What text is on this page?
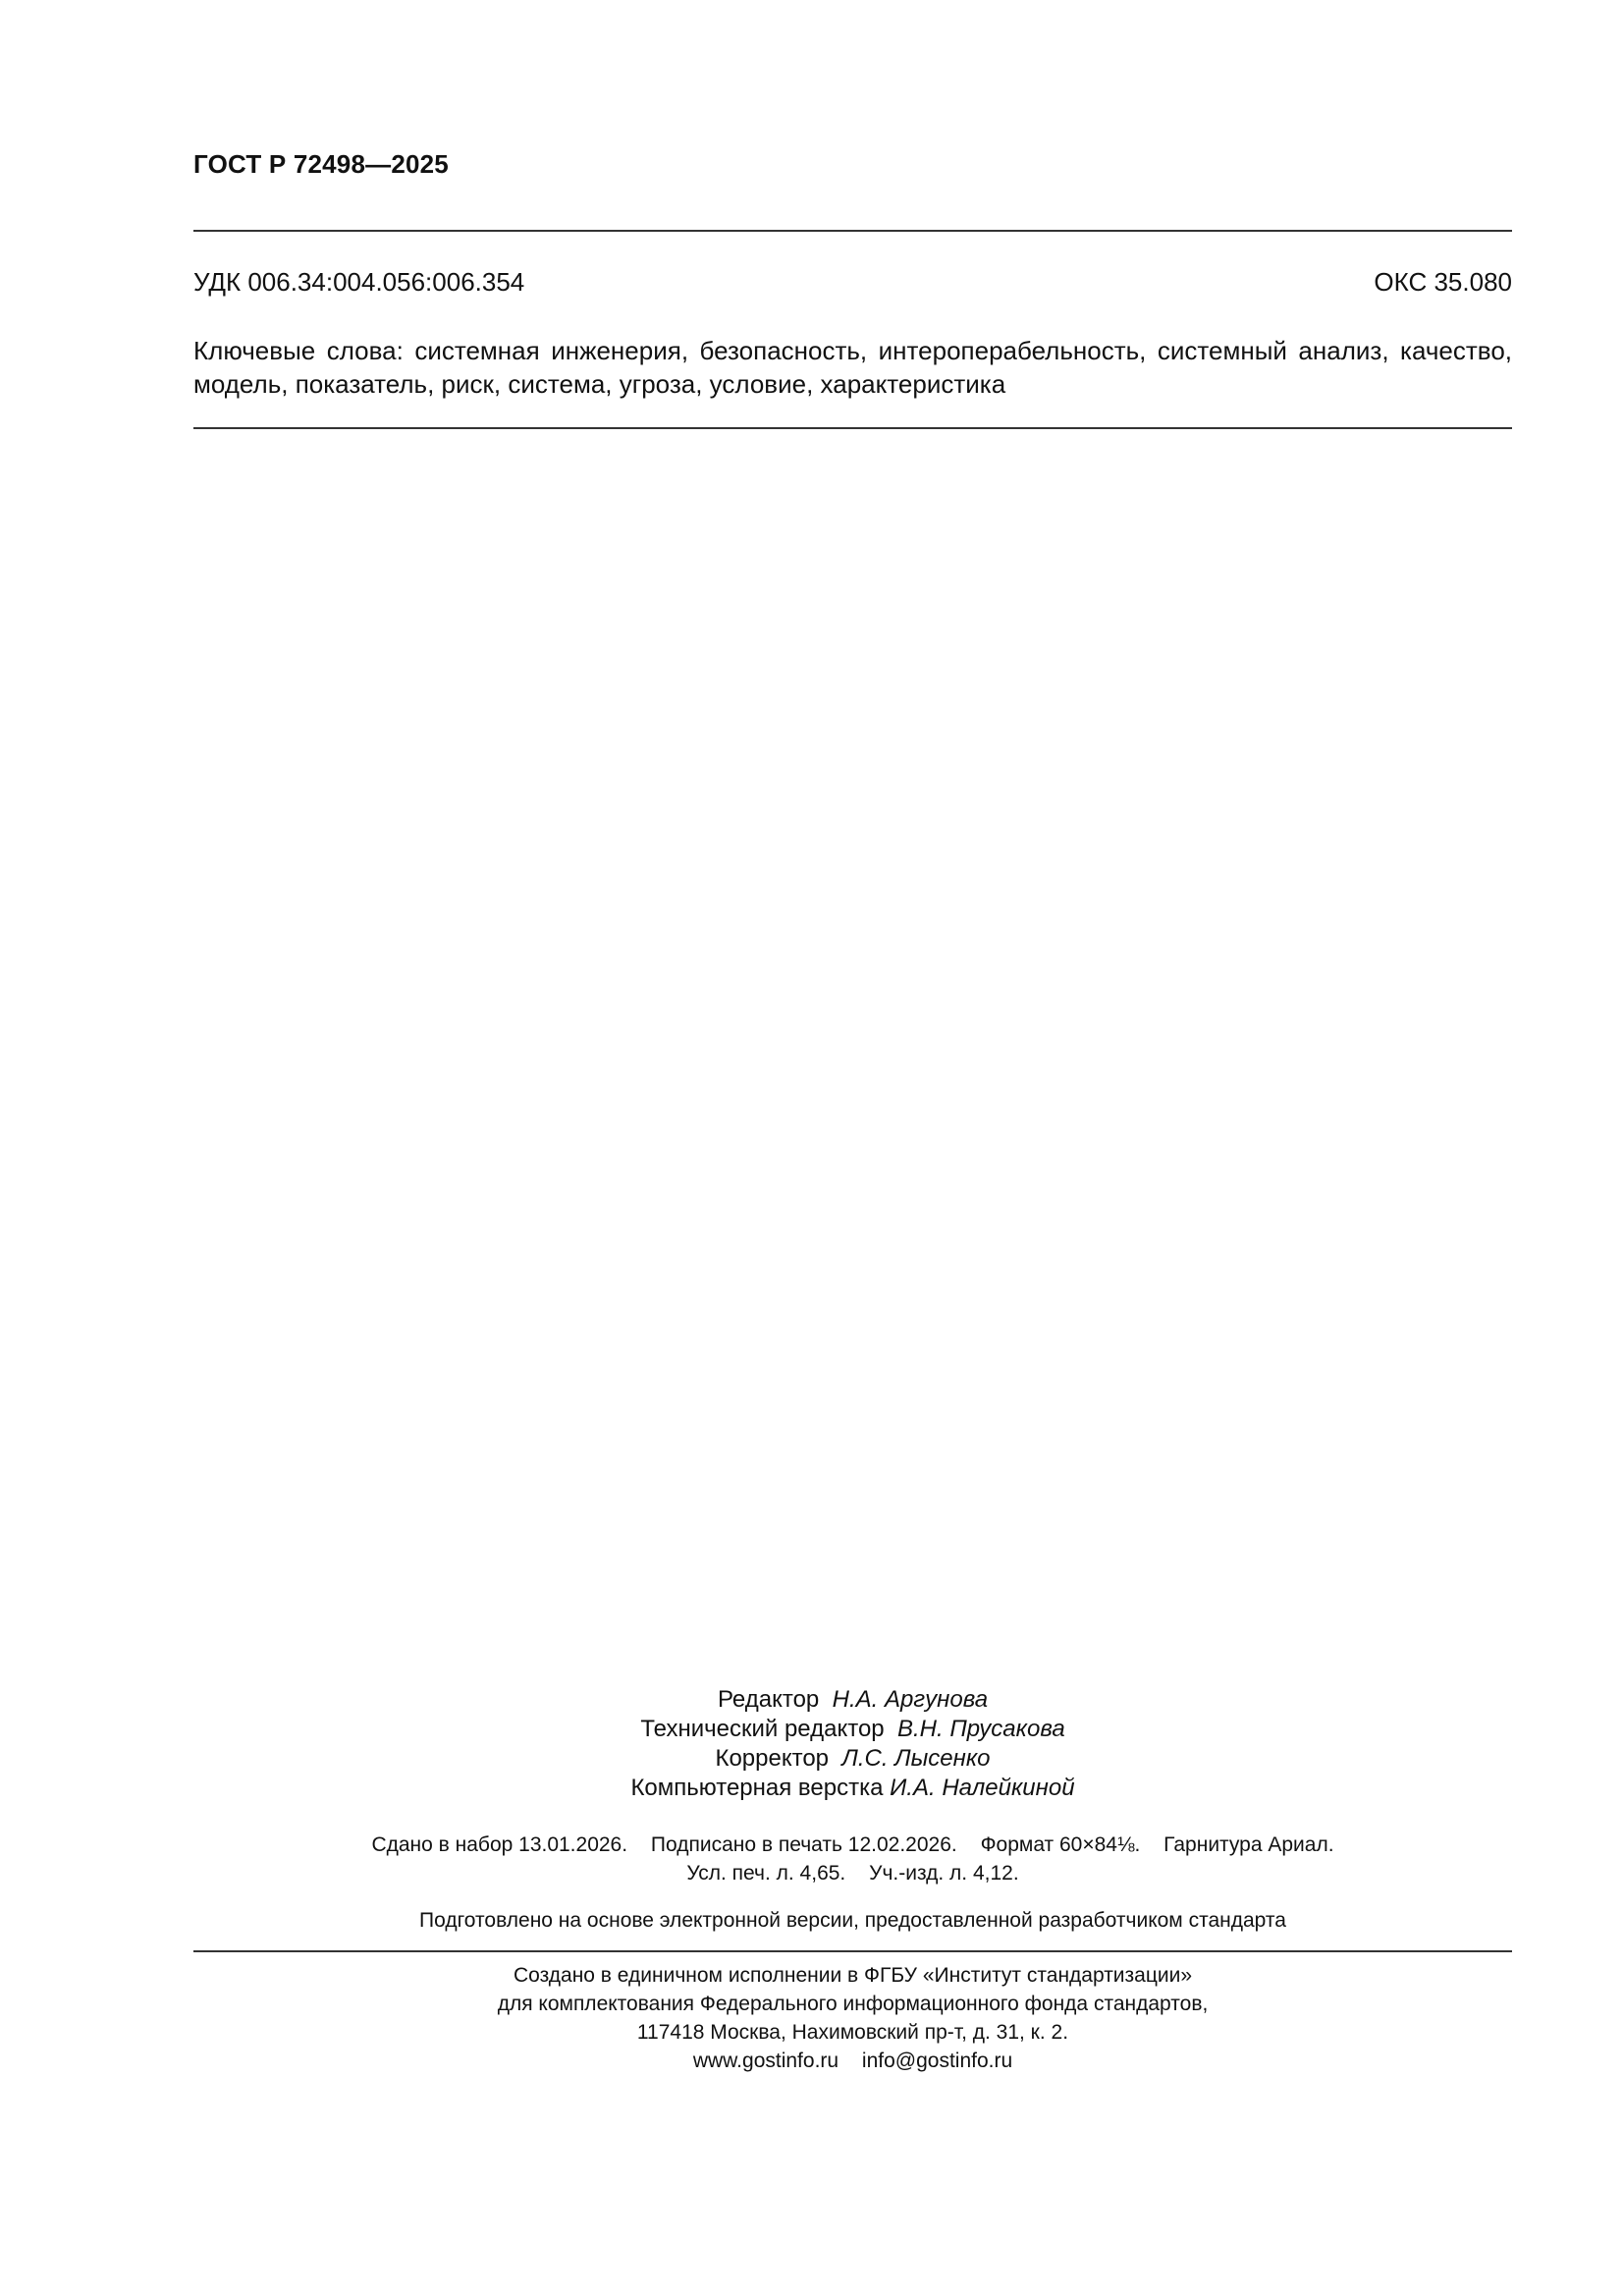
ГОСТ Р 72498—2025
УДК 006.34:004.056:006.354	ОКС 35.080
Ключевые слова: системная инженерия, безопасность, интероперабельность, системный анализ, качество, модель, показатель, риск, система, угроза, условие, характеристика
Редактор Н.А. Аргунова
Технический редактор В.Н. Прусакова
Корректор Л.С. Лысенко
Компьютерная верстка И.А. Налейкиной
Сдано в набор 13.01.2026. Подписано в печать 12.02.2026. Формат 60×84⅛. Гарнитура Ариал.
Усл. печ. л. 4,65. Уч.-изд. л. 4,12.
Подготовлено на основе электронной версии, предоставленной разработчиком стандарта
Создано в единичном исполнении в ФГБУ «Институт стандартизации»
для комплектования Федерального информационного фонда стандартов,
117418 Москва, Нахимовский пр-т, д. 31, к. 2.
www.gostinfo.ru info@gostinfo.ru
